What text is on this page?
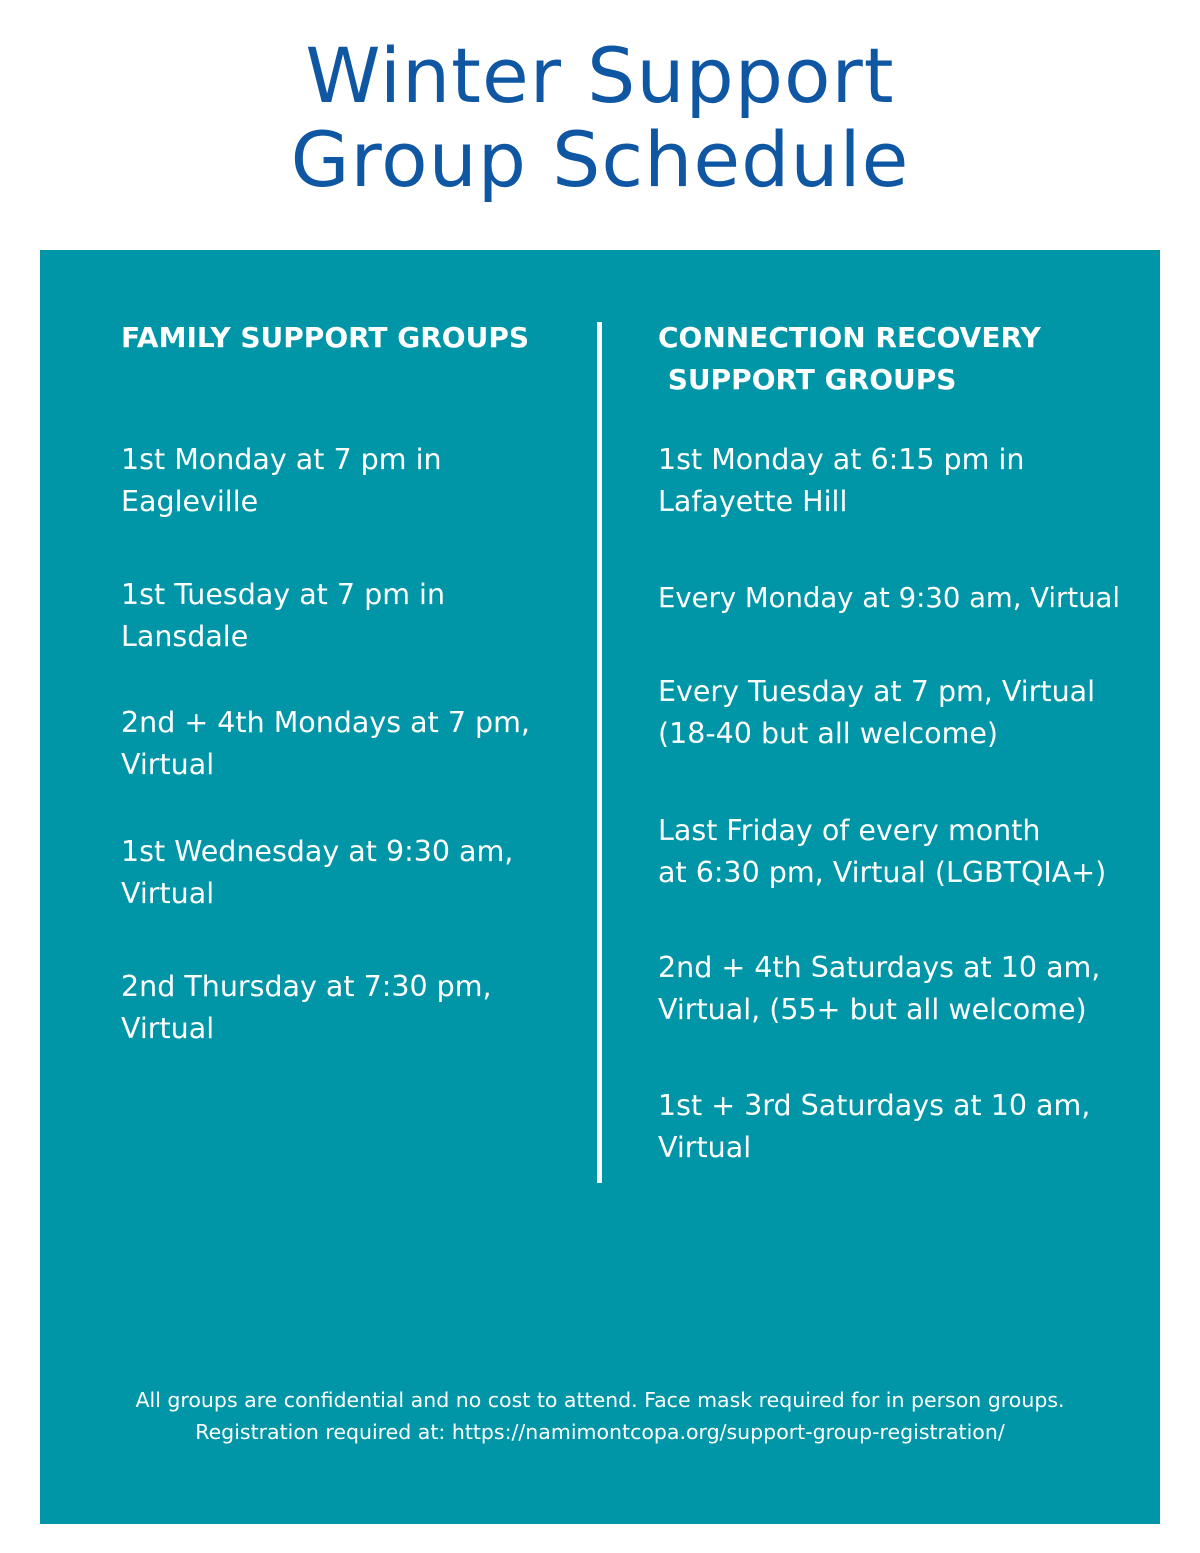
Winter Support
Group Schedule
FAMILY SUPPORT GROUPS

1st Monday at 7 pm in
Eagleville

1st Tuesday at 7 pm in
Lansdale

2nd + 4th Mondays at 7 pm,
Virtual

1st Wednesday at 9:30 am,
Virtual

2nd Thursday at 7:30 pm,
Virtual

CONNECTION RECOVERY
SUPPORT GROUPS

1st Monday at 6:15 pm in
Lafayette Hill

Every Monday at 9:30 am, Virtual

Every Tuesday at 7 pm, Virtual
(18-40 but all welcome)

Last Friday of every month
at 6:30 pm, Virtual (LGBTQIA+)

2nd + 4th Saturdays at 10 am,
Virtual, (55+ but all welcome)

1st + 3rd Saturdays at 10 am,
Virtual

All groups are confidential and no cost to attend. Face mask required for in person groups.
Registration required at: https://namimontcopa.org/support-group-registration/
